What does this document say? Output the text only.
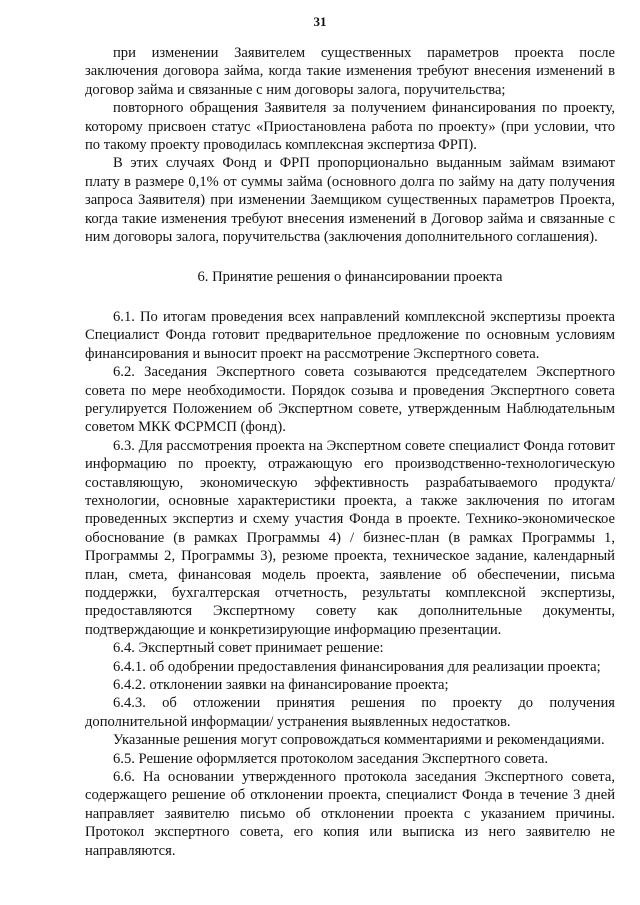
31

при изменении Заявителем существенных параметров проекта после заключения договора займа, когда такие изменения требуют внесения изменений в договор займа и связанные с ним договоры залога, поручительства;

повторного обращения Заявителя за получением финансирования по проекту, которому присвоен статус «Приостановлена работа по проекту» (при условии, что по такому проекту проводилась комплексная экспертиза ФРП).

В этих случаях Фонд и ФРП пропорционально выданным займам взимают плату в размере 0,1% от суммы займа (основного долга по займу на дату получения запроса Заявителя) при изменении Заемщиком существенных параметров Проекта, когда такие изменения требуют внесения изменений в Договор займа и связанные с ним договоры залога, поручительства (заключения дополнительного соглашения).

6. Принятие решения о финансировании проекта

6.1. По итогам проведения всех направлений комплексной экспертизы проекта Специалист Фонда готовит предварительное предложение по основным условиям финансирования и выносит проект на рассмотрение Экспертного совета.

6.2. Заседания Экспертного совета созываются председателем Экспертного совета по мере необходимости. Порядок созыва и проведения Экспертного совета регулируется Положением об Экспертном совете, утвержденным Наблюдательным советом МКК ФСРМСП (фонд).

6.3. Для рассмотрения проекта на Экспертном совете специалист Фонда готовит информацию по проекту, отражающую его производственно-технологическую составляющую, экономическую эффективность разрабатываемого продукта/технологии, основные характеристики проекта, а также заключения по итогам проведенных экспертиз и схему участия Фонда в проекте. Технико-экономическое обоснование (в рамках Программы 4) / бизнес-план (в рамках Программы 1, Программы 2, Программы 3), резюме проекта, техническое задание, календарный план, смета, финансовая модель проекта, заявление об обеспечении, письма поддержки, бухгалтерская отчетность, результаты комплексной экспертизы, предоставляются Экспертному совету как дополнительные документы, подтверждающие и конкретизирующие информацию презентации.

6.4. Экспертный совет принимает решение:

6.4.1. об одобрении предоставления финансирования для реализации проекта;

6.4.2. отклонении заявки на финансирование проекта;

6.4.3. об отложении принятия решения по проекту до получения дополнительной информации/ устранения выявленных недостатков.

Указанные решения могут сопровождаться комментариями и рекомендациями.

6.5. Решение оформляется протоколом заседания Экспертного совета.

6.6. На основании утвержденного протокола заседания Экспертного совета, содержащего решение об отклонении проекта, специалист Фонда в течение 3 дней направляет заявителю письмо об отклонении проекта с указанием причины. Протокол экспертного совета, его копия или выписка из него заявителю не направляются.
